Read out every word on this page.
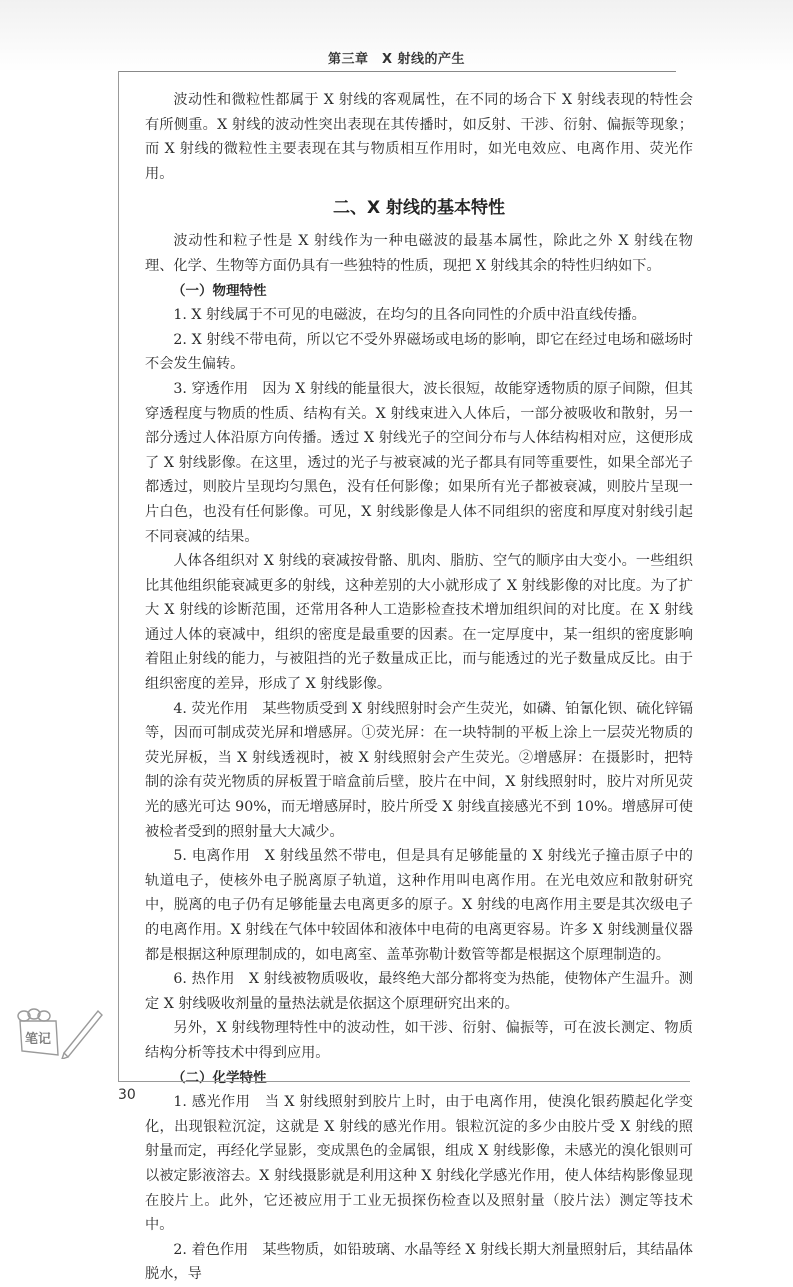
第三章　 X 射线的产生

波动性和微粒性都属于 X 射线的客观属性，在不同的场合下 X 射线表现的特性会有所侧重。X 射线的波动性突出表现在其传播时，如反射、干涉、衍射、偏振等现象；而 X 射线的微粒性主要表现在其与物质相互作用时，如光电效应、电离作用、荧光作用。

二、X 射线的基本特性

波动性和粒子性是 X 射线作为一种电磁波的最基本属性，除此之外 X 射线在物理、化学、生物等方面仍具有一些独特的性质，现把 X 射线其余的特性归纳如下。

（一）物理特性

1. X 射线属于不可见的电磁波，在均匀的且各向同性的介质中沿直线传播。

2. X 射线不带电荷，所以它不受外界磁场或电场的影响，即它在经过电场和磁场时不会发生偏转。

3. 穿透作用　因为 X 射线的能量很大，波长很短，故能穿透物质的原子间隙，但其穿透程度与物质的性质、结构有关。X 射线束进入人体后，一部分被吸收和散射，另一部分透过人体沿原方向传播。透过 X 射线光子的空间分布与人体结构相对应，这便形成了 X 射线影像。在这里，透过的光子与被衰减的光子都具有同等重要性，如果全部光子都透过，则胶片呈现均匀黑色，没有任何影像；如果所有光子都被衰减，则胶片呈现一片白色，也没有任何影像。可见，X 射线影像是人体不同组织的密度和厚度对射线引起不同衰减的结果。

人体各组织对 X 射线的衰减按骨骼、肌肉、脂肪、空气的顺序由大变小。一些组织比其他组织能衰减更多的射线，这种差别的大小就形成了 X 射线影像的对比度。为了扩大 X 射线的诊断范围，还常用各种人工造影检查技术增加组织间的对比度。在 X 射线通过人体的衰减中，组织的密度是最重要的因素。在一定厚度中，某一组织的密度影响着阻止射线的能力，与被阻挡的光子数量成正比，而与能透过的光子数量成反比。由于组织密度的差异，形成了 X 射线影像。

4. 荧光作用　某些物质受到 X 射线照射时会产生荧光，如磷、铂氰化钡、硫化锌镉等，因而可制成荧光屏和增感屏。①荧光屏：在一块特制的平板上涂上一层荧光物质的荧光屏板，当 X 射线透视时，被 X 射线照射会产生荧光。②增感屏：在摄影时，把特制的涂有荧光物质的屏板置于暗盒前后壁，胶片在中间，X 射线照射时，胶片对所见荧光的感光可达 90%，而无增感屏时，胶片所受 X 射线直接感光不到 10%。增感屏可使被检者受到的照射量大大减少。

5. 电离作用　X 射线虽然不带电，但是具有足够能量的 X 射线光子撞击原子中的轨道电子，使核外电子脱离原子轨道，这种作用叫电离作用。在光电效应和散射研究中，脱离的电子仍有足够能量去电离更多的原子。X 射线的电离作用主要是其次级电子的电离作用。X 射线在气体中较固体和液体中电荷的电离更容易。许多 X 射线测量仪器都是根据这种原理制成的，如电离室、盖革弥勒计数管等都是根据这个原理制造的。

6. 热作用　X 射线被物质吸收，最终绝大部分都将变为热能，使物体产生温升。测定 X 射线吸收剂量的量热法就是依据这个原理研究出来的。

另外，X 射线物理特性中的波动性，如干涉、衍射、偏振等，可在波长测定、物质结构分析等技术中得到应用。

（二）化学特性

1. 感光作用　当 X 射线照射到胶片上时，由于电离作用，使溴化银药膜起化学变化，出现银粒沉淀，这就是 X 射线的感光作用。银粒沉淀的多少由胶片受 X 射线的照射量而定，再经化学显影，变成黑色的金属银，组成 X 射线影像，未感光的溴化银则可以被定影液溶去。X 射线摄影就是利用这种 X 射线化学感光作用，使人体结构影像显现在胶片上。此外，它还被应用于工业无损探伤检查以及照射量（胶片法）测定等技术中。

2. 着色作用　某些物质，如铅玻璃、水晶等经 X 射线长期大剂量照射后，其结晶体脱水，导

笔记
30
